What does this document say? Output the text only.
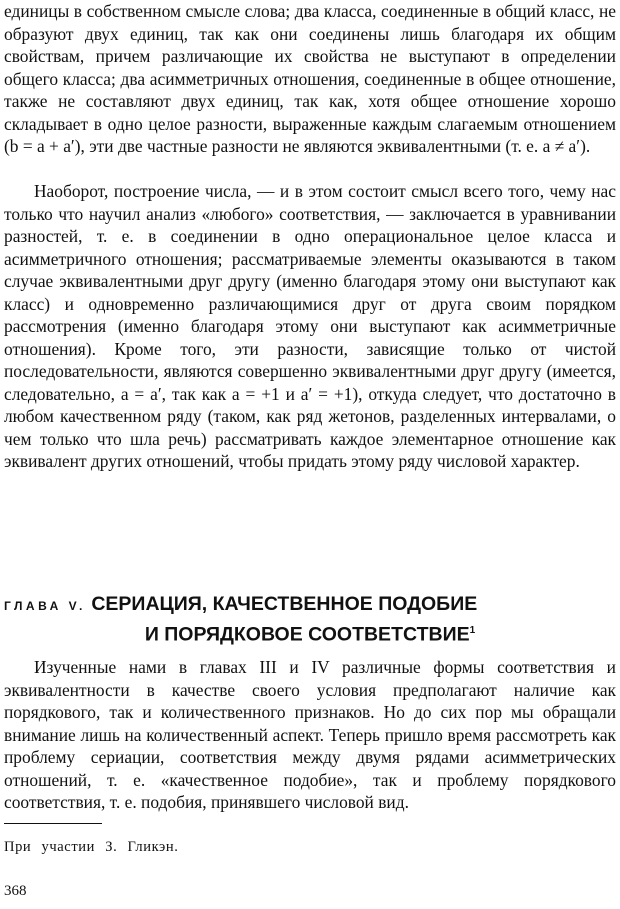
единицы в собственном смысле слова; два класса, соединенные в общий класс, не образуют двух единиц, так как они соединены лишь благодаря их общим свойствам, причем различающие их свойства не выступают в определении общего класса; два асимметричных отношения, соединенные в общее отношение, также не составляют двух единиц, так как, хотя общее отношение хорошо складывает в одно целое разности, выраженные каждым слагаемым отношением (b = a + a′), эти две частные разности не являются эквивалентными (т. е. a ≠ a′).

Наоборот, построение числа, — и в этом состоит смысл всего того, чему нас только что научил анализ «любого» соответствия, — заключается в уравнивании разностей, т. е. в соединении в одно операциональное целое класса и асимметричного отношения; рассматриваемые элементы оказываются в таком случае эквивалентными друг другу (именно благодаря этому они выступают как класс) и одновременно различающимися друг от друга своим порядком рассмотрения (именно благодаря этому они выступают как асимметричные отношения). Кроме того, эти разности, зависящие только от чистой последовательности, являются совершенно эквивалентными друг другу (имеется, следовательно, a = a′, так как a = +1 и a′ = +1), откуда следует, что достаточно в любом качественном ряду (таком, как ряд жетонов, разделенных интервалами, о чем только что шла речь) рассматривать каждое элементарное отношение как эквивалент других отношений, чтобы придать этому ряду числовой характер.

ГЛАВА V. СЕРИАЦИЯ, КАЧЕСТВЕННОЕ ПОДОБИЕ
И ПОРЯДКОВОЕ СООТВЕТСТВИЕ$^1$

Изученные нами в главах III и IV различные формы соответствия и эквивалентности в качестве своего условия предполагают наличие как порядкового, так и количественного признаков. Но до сих пор мы обращали внимание лишь на количественный аспект. Теперь пришло время рассмотреть как проблему сериации, соответствия между двумя рядами асимметрических отношений, т. е. «качественное подобие», так и проблему порядкового соответствия, т. е. подобия, принявшего числовой вид.

При участии З. Гликэн.

368
